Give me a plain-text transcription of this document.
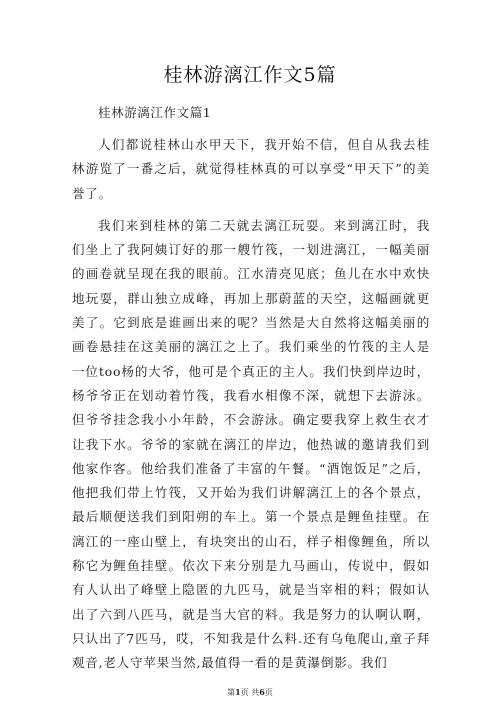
桂林游漓江作文5篇
桂林游漓江作文篇1

人们都说桂林山水甲天下，我开始不信，但自从我去桂林游览了一番之后，就觉得桂林真的可以享受“甲天下”的美誉了。

我们来到桂林的第二天就去漓江玩耍。来到漓江时，我们坐上了我阿姨订好的那一艘竹筏，一划进漓江，一幅美丽的画卷就呈现在我的眼前。江水清亮见底；鱼儿在水中欢快地玩耍，群山独立成峰，再加上那蔚蓝的天空，这幅画就更美了。它到底是谁画出来的呢？当然是大自然将这幅美丽的画卷悬挂在这美丽的漓江之上了。我们乘坐的竹筏的主人是一位too杨的大爷，他可是个真正的主人。我们快到岸边时，杨爷爷正在划动着竹筏，我看水相像不深，就想下去游泳。但爷爷挂念我小小年龄，不会游泳。确定要我穿上救生衣才让我下水。爷爷的家就在漓江的岸边，他热诚的邀请我们到他家作客。他给我们准备了丰富的午餐。“酒饱饭足”之后，他把我们带上竹筏，又开始为我们讲解漓江上的各个景点，最后顺便送我们到阳朔的车上。第一个景点是鲤鱼挂壁。在漓江的一座山壁上，有块突出的山石，样子相像鲤鱼，所以称它为鲤鱼挂壁。依次下来分别是九马画山，传说中，假如有人认出了峰壁上隐匿的九匹马，就是当宰相的料；假如认出了六到八匹马，就是当大官的料。我是努力的认啊认啊，只认出了7匹马，哎，不知我是什么料.还有乌龟爬山,童子拜观音,老人守苹果当然,最值得一看的是黄瀑倒影。我们

第1页 共6页
